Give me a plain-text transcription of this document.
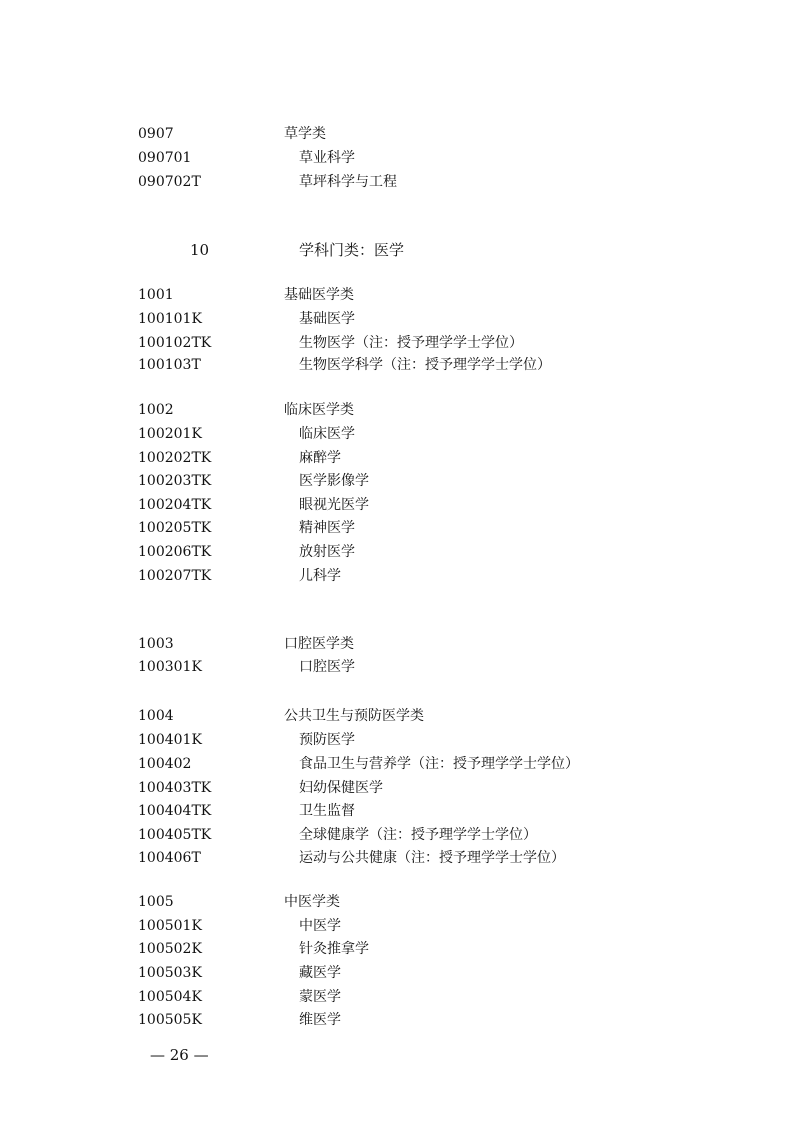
0907	草学类
090701	草业科学
090702T	草坪科学与工程
10	学科门类：医学
1001	基础医学类
100101K	基础医学
100102TK	生物医学（注：授予理学学士学位）
100103T	生物医学科学（注：授予理学学士学位）
1002	临床医学类
100201K	临床医学
100202TK	麻醉学
100203TK	医学影像学
100204TK	眼视光医学
100205TK	精神医学
100206TK	放射医学
100207TK	儿科学
1003	口腔医学类
100301K	口腔医学
1004	公共卫生与预防医学类
100401K	预防医学
100402	食品卫生与营养学（注：授予理学学士学位）
100403TK	妇幼保健医学
100404TK	卫生监督
100405TK	全球健康学（注：授予理学学士学位）
100406T	运动与公共健康（注：授予理学学士学位）
1005	中医学类
100501K	中医学
100502K	针灸推拿学
100503K	藏医学
100504K	蒙医学
100505K	维医学
— 26 —
